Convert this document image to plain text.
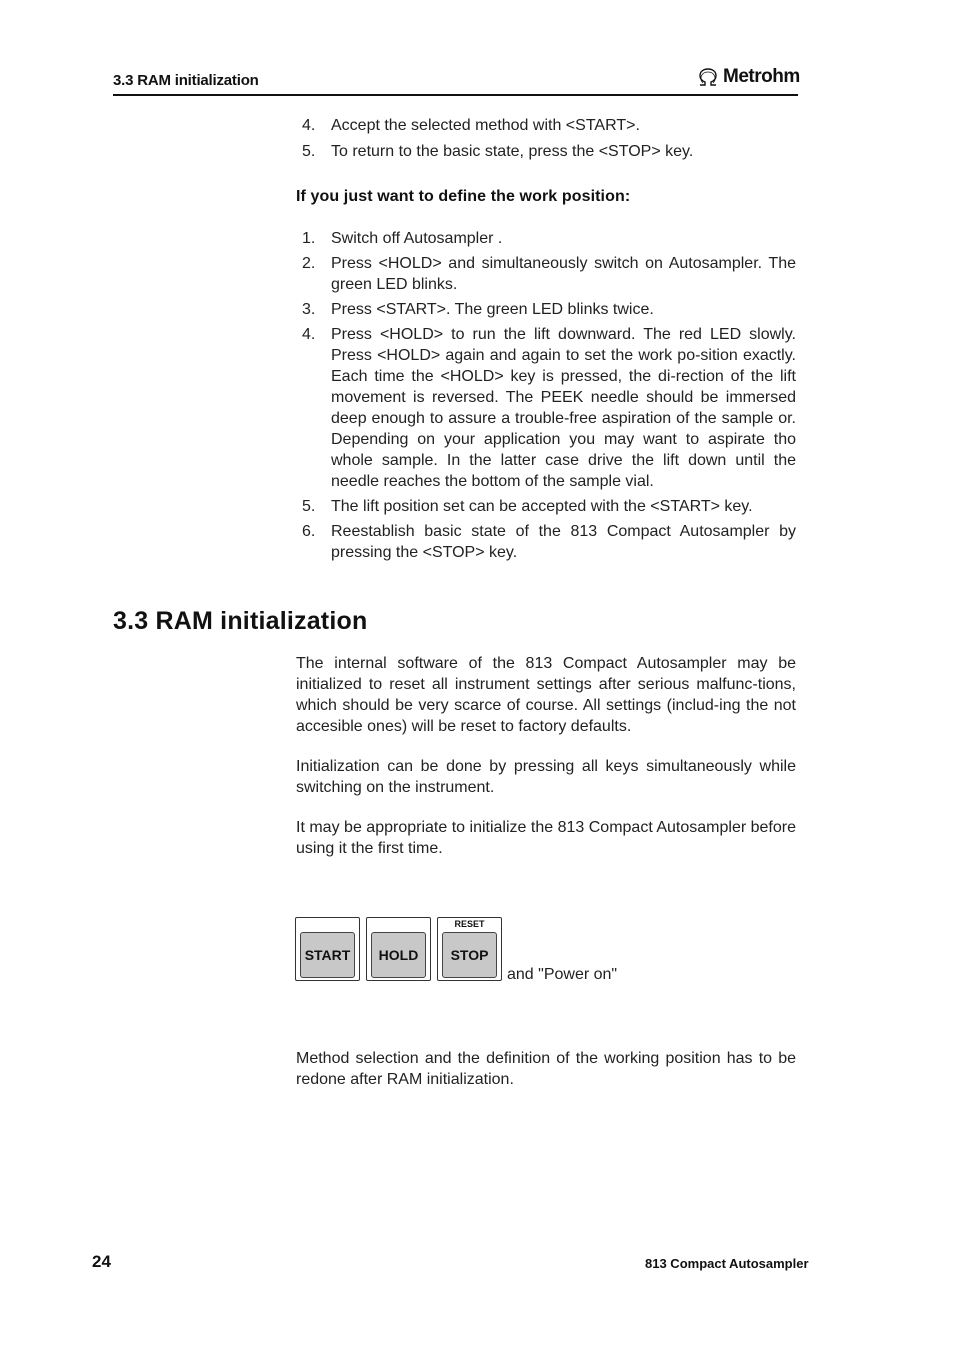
3.3 RAM initialization	Metrohm
4. Accept the selected method with <START>.
5. To return to the basic state, press the <STOP> key.
If you just want to define the work position:
1. Switch off Autosampler .
2. Press <HOLD> and simultaneously switch on Autosampler. The green LED blinks.
3. Press <START>. The green LED blinks twice.
4. Press <HOLD> to run the lift downward. The red LED slowly. Press <HOLD> again and again to set the work po-sition exactly. Each time the <HOLD> key is pressed, the di-rection of the lift movement is reversed. The PEEK needle should be immersed deep enough to assure a trouble-free aspiration of the sample or. Depending on your application you may want to aspirate tho whole sample. In the latter case drive the lift down until the needle reaches the bottom of the sample vial.
5. The lift position set can be accepted with the <START> key.
6. Reestablish basic state of the 813 Compact Autosampler by pressing the <STOP> key.
3.3 RAM initialization

The internal software of the 813 Compact Autosampler may be initialized to reset all instrument settings after serious malfunc-tions, which should be very scarce of course. All settings (includ-ing the not accesible ones) will be reset to factory defaults.

Initialization can be done by pressing all keys simultaneously while switching on the instrument.

It may be appropriate to initialize the 813 Compact Autosampler before using it the first time.

START	HOLD
RESET
STOP
and "Power on"

Method selection and the definition of the working position has to be redone after RAM initialization.

24	813 Compact Autosampler
